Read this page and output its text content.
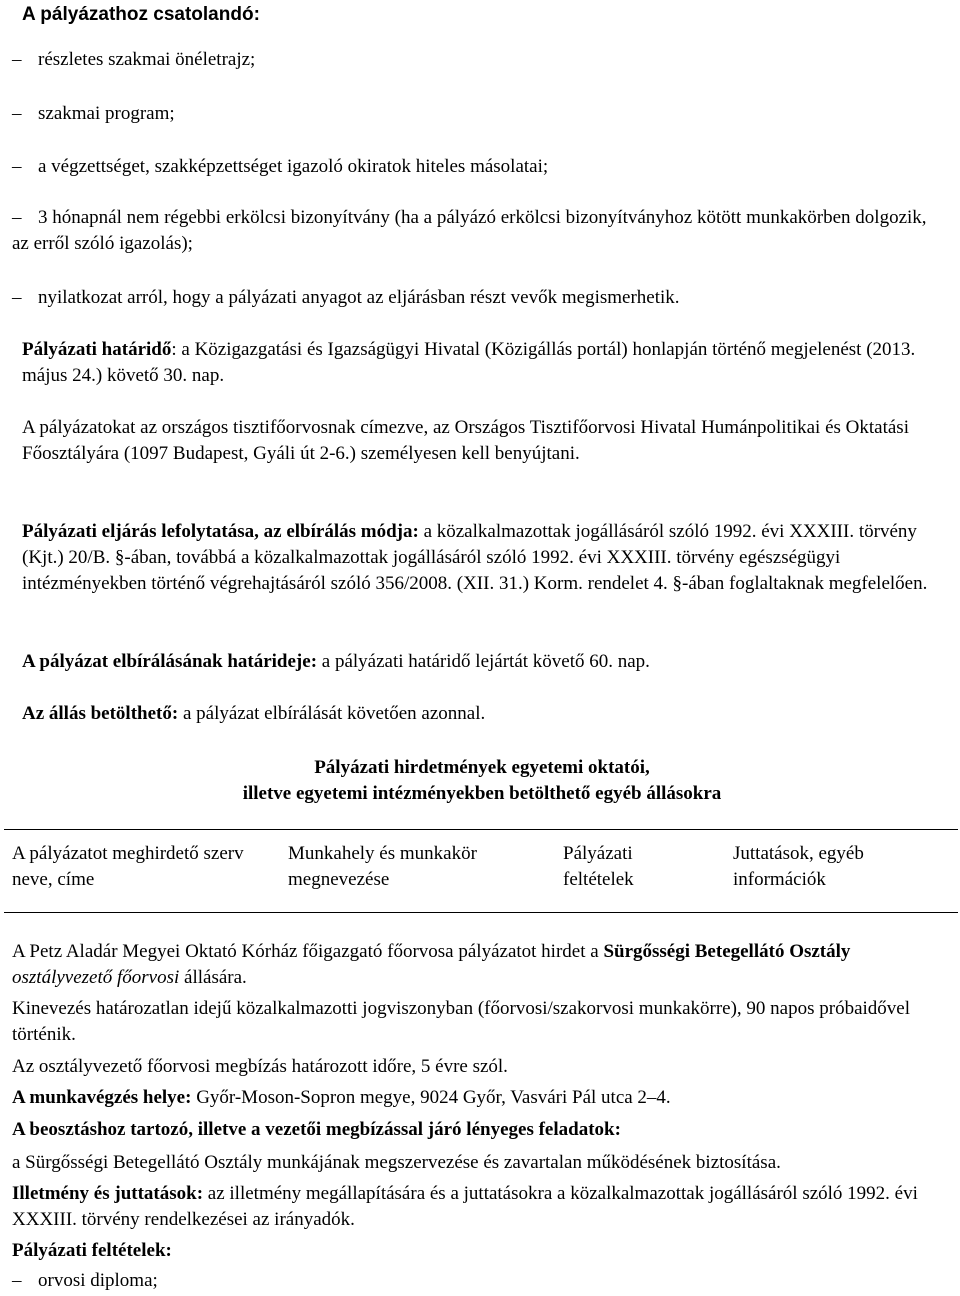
A pályázathoz csatolandó:
– részletes szakmai önéletrajz;
– szakmai program;
– a végzettséget, szakképzettséget igazoló okiratok hiteles másolatai;
– 3 hónapnál nem régebbi erkölcsi bizonyítvány (ha a pályázó erkölcsi bizonyítványhoz kötött munkakörben dolgozik, az erről szóló igazolás);
– nyilatkozat arról, hogy a pályázati anyagot az eljárásban részt vevők megismerhetik.

Pályázati határidő: a Közigazgatási és Igazságügyi Hivatal (Közigállás portál) honlapján történő megjelenést (2013. május 24.) követő 30. nap.

A pályázatokat az országos tisztifőorvosnak címezve, az Országos Tisztifőorvosi Hivatal Humánpolitikai és Oktatási Főosztályára (1097 Budapest, Gyáli út 2-6.) személyesen kell benyújtani.

Pályázati eljárás lefolytatása, az elbírálás módja: a közalkalmazottak jogállásáról szóló 1992. évi XXXIII. törvény (Kjt.) 20/B. §-ában, továbbá a közalkalmazottak jogállásáról szóló 1992. évi XXXIII. törvény egészségügyi intézményekben történő végrehajtásáról szóló 356/2008. (XII. 31.) Korm. rendelet 4. §-ában foglaltaknak megfelelően.

A pályázat elbírálásának határideje: a pályázati határidő lejártát követő 60. nap.

Az állás betölthető: a pályázat elbírálását követően azonnal.

Pályázati hirdetmények egyetemi oktatói,
illetve egyetemi intézményekben betölthető egyéb állásokra
A pályázatot meghirdető szerv neve, címe
Munkahely és munkakör megnevezése
Pályázati feltételek
Juttatások, egyéb információk

A Petz Aladár Megyei Oktató Kórház főigazgató főorvosa pályázatot hirdet a Sürgősségi Betegellátó Osztály osztályvezető főorvosi állására.

Kinevezés határozatlan idejű közalkalmazotti jogviszonyban (főorvosi/szakorvosi munkakörre), 90 napos próbaidővel történik.

Az osztályvezető főorvosi megbízás határozott időre, 5 évre szól.

A munkavégzés helye: Győr-Moson-Sopron megye, 9024 Győr, Vasvári Pál utca 2–4.

A beosztáshoz tartozó, illetve a vezetői megbízással járó lényeges feladatok:

a Sürgősségi Betegellátó Osztály munkájának megszervezése és zavartalan működésének biztosítása.

Illetmény és juttatások: az illetmény megállapítására és a juttatásokra a közalkalmazottak jogállásáról szóló 1992. évi XXXIII. törvény rendelkezései az irányadók.

Pályázati feltételek:

– orvosi diploma;
